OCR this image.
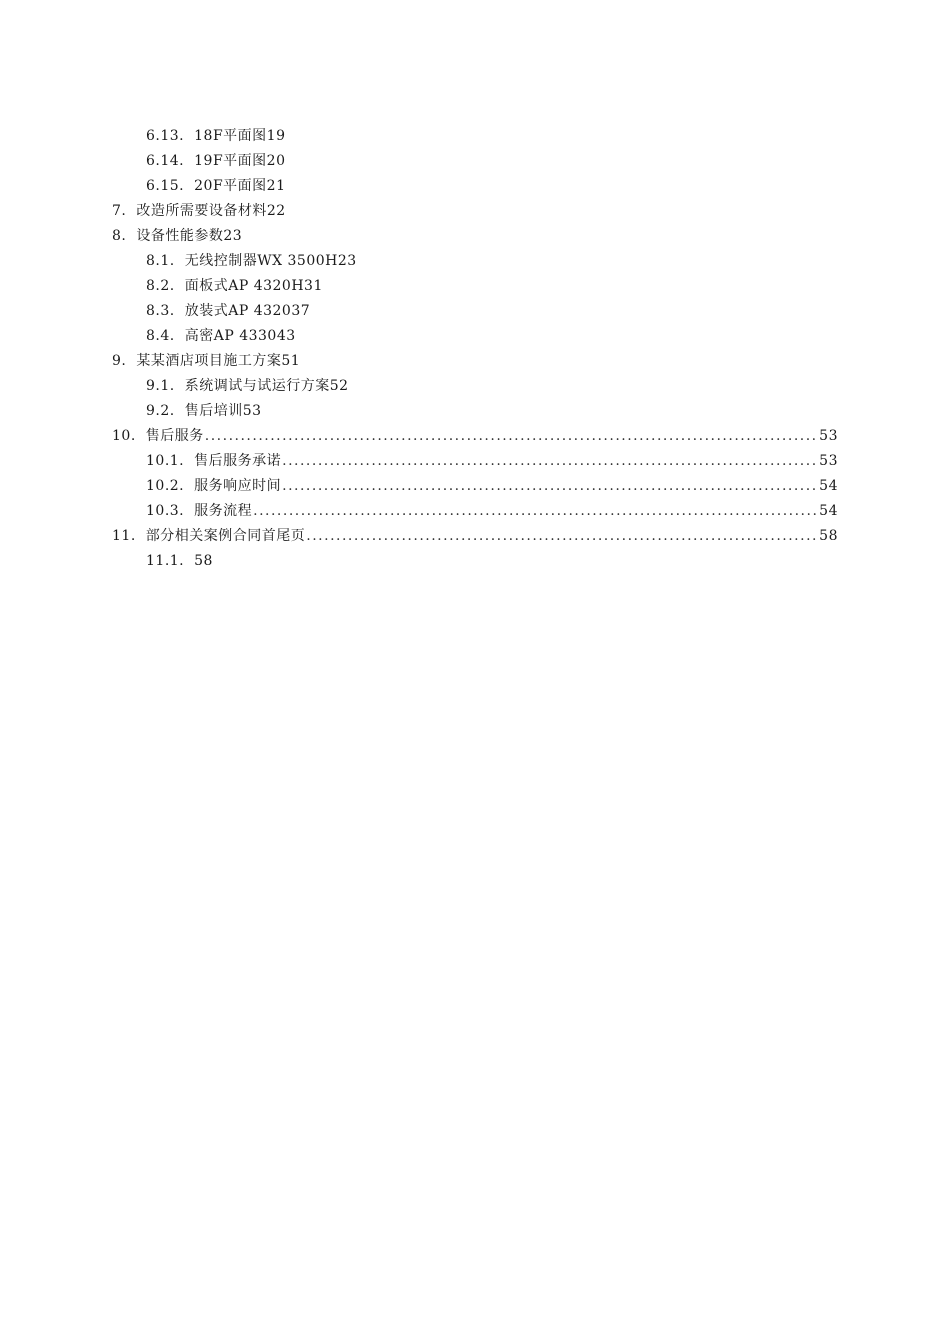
6.13. 18F平面图19
6.14. 19F平面图20
6.15. 20F平面图21
7. 改造所需要设备材料22
8. 设备性能参数23
8.1. 无线控制器WX 3500H23
8.2. 面板式AP 4320H31
8.3. 放装式AP 432037
8.4. 高密AP 433043
9. 某某酒店项目施工方案51
9.1. 系统调试与试运行方案52
9.2. 售后培训53
10. 售后服务 .....	53
10.1. 售后服务承诺 .....	53
10.2. 服务响应时间 .....	54
10.3. 服务流程 .....	54
11. 部分相关案例合同首尾页 .....	58
11.1. 58
